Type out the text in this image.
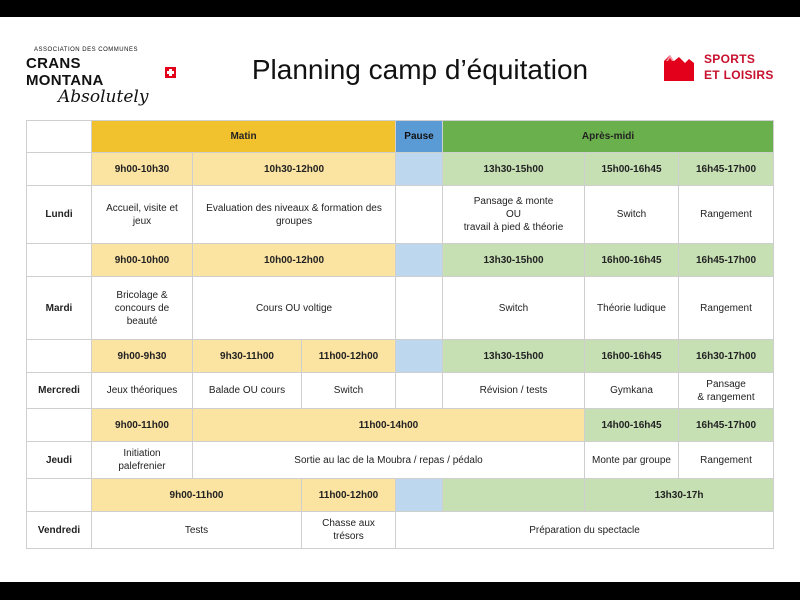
ASSOCIATION DES COMMUNES
CRANS MONTANA
Absolutely
Planning camp d’équitation	SPORTS
ET LOISIRS
	Matin			Pause	Après-midi		
	9h00-10h30	10h30-12h00			13h30-15h00	15h00-16h45	16h45-17h00
Lundi	Accueil, visite et jeux	Evaluation des niveaux & formation des groupes			Pansage & monte
OU
travail à pied & théorie	Switch	Rangement
	9h00-10h00	10h00-12h00			13h30-15h00	16h00-16h45	16h45-17h00
Mardi	Bricolage &
concours de
beauté	Cours OU voltige			Switch	Théorie ludique	Rangement
	9h00-9h30	9h30-11h00	11h00-12h00		13h30-15h00	16h00-16h45	16h30-17h00
Mercredi	Jeux théoriques	Balade OU cours	Switch		Révision / tests	Gymkana	Pansage
& rangement
	9h00-11h00	11h00-14h00				14h00-16h45	16h45-17h00
Jeudi	Initiation
palefrenier	Sortie au lac de la Moubra / repas / pédalo				Monte par groupe	Rangement
	9h00-11h00		11h00-12h00			13h30-17h	
Vendredi	Tests		Chasse aux
trésors	Préparation du spectacle			
